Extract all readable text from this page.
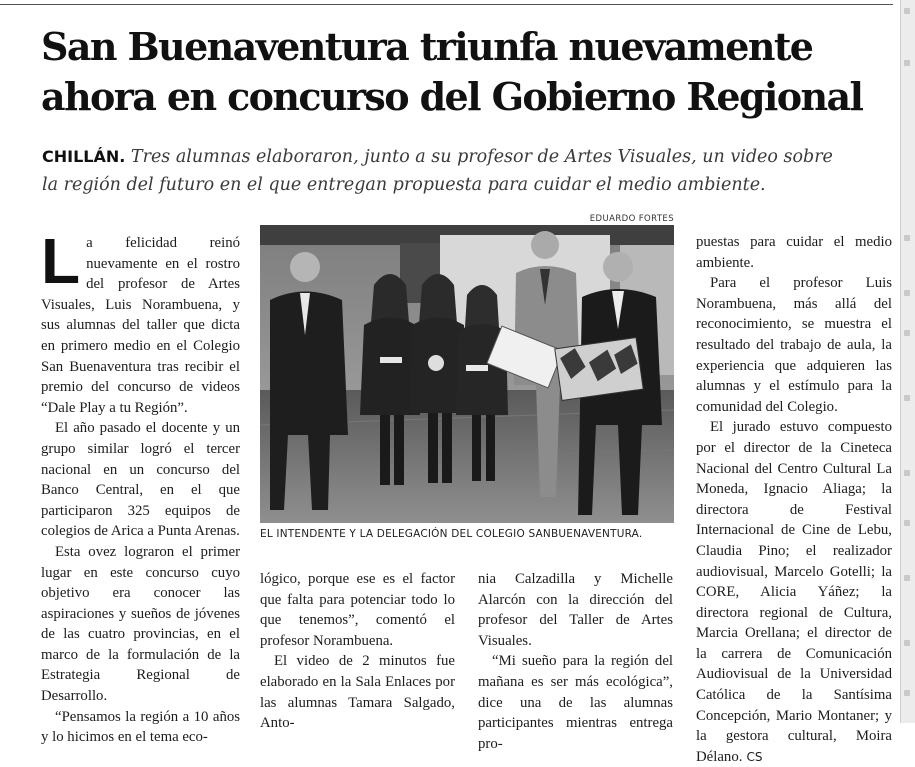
San Buenaventura triunfa nuevamente
ahora en concurso del Gobierno Regional

CHILLÁN. Tres alumnas elaboraron, junto a su profesor de Artes Visuales, un video sobre
la región del futuro en el que entregan propuesta para cuidar el medio ambiente.

EDUARDO FORTES
EL INTENDENTE Y LA DELEGACIÓN DEL COLEGIO SANBUENAVENTURA.

La felicidad reinó nuevamente en el rostro del profesor de Artes Visuales, Luis Norambuena, y sus alumnas del taller que dicta en primero medio en el Colegio San Buenaventura tras recibir el premio del concurso de videos “Dale Play a tu Región”.

El año pasado el docente y un grupo similar logró el tercer nacional en un concurso del Banco Central, en el que participaron 325 equipos de colegios de Arica a Punta Arenas.

Esta ovez lograron el primer lugar en este concurso cuyo objetivo era conocer las aspiraciones y sueños de jóvenes de las cuatro provincias, en el marco de la formulación de la Estrategia Regional de Desarrollo.

“Pensamos la región a 10 años y lo hicimos en el tema eco-

lógico, porque ese es el factor que falta para potenciar todo lo que tenemos”, comentó el profesor Norambuena.

El video de 2 minutos fue elaborado en la Sala Enlaces por las alumnas Tamara Salgado, Anto-

nia Calzadilla y Michelle Alarcón con la dirección del profesor del Taller de Artes Visuales.

“Mi sueño para la región del mañana es ser más ecológica”, dice una de las alumnas participantes mientras entrega pro-

puestas para cuidar el medio ambiente.

Para el profesor Luis Norambuena, más allá del reconocimiento, se muestra el resultado del trabajo de aula, la experiencia que adquieren las alumnas y el estímulo para la comunidad del Colegio.

El jurado estuvo compuesto por el director de la Cineteca Nacional del Centro Cultural La Moneda, Ignacio Aliaga; la directora de Festival Internacional de Cine de Lebu, Claudia Pino; el realizador audiovisual, Marcelo Gotelli; la CORE, Alicia Yáñez; la directora regional de Cultura, Marcia Orellana; el director de la carrera de Comunicación Audiovisual de la Universidad Católica de la Santísima Concepción, Mario Montaner; y la gestora cultural, Moira Délano. CS
